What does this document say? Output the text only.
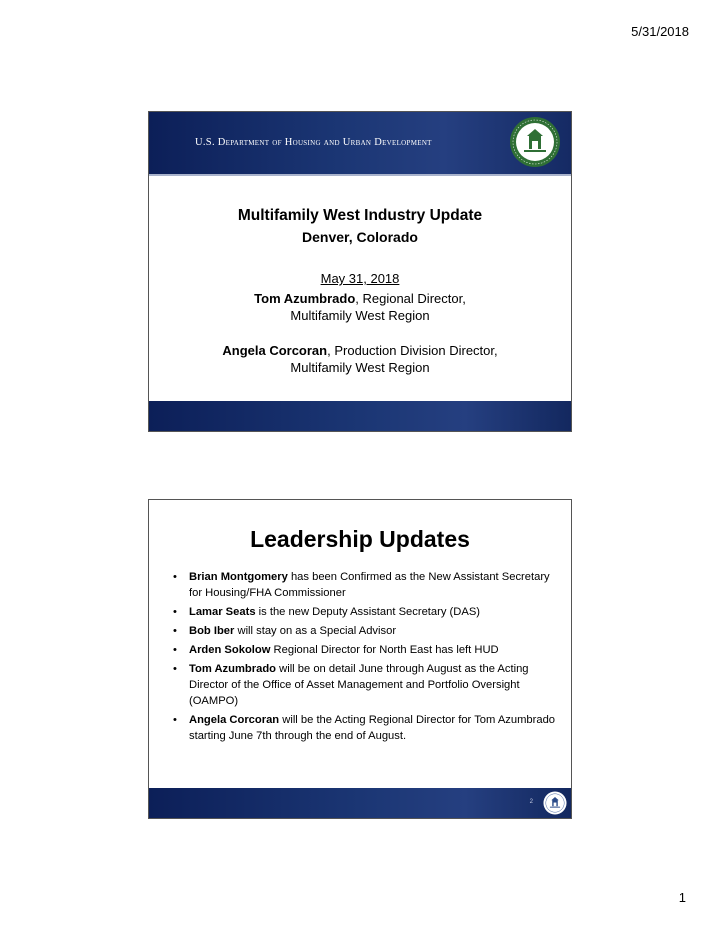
5/31/2018
U.S. Department of Housing and Urban Development
Multifamily West Industry Update
Denver, Colorado
May 31, 2018
Tom Azumbrado, Regional Director,
Multifamily West Region
Angela Corcoran, Production Division Director,
Multifamily West Region
Leadership Updates
• Brian Montgomery has been Confirmed as the New Assistant Secretary for Housing/FHA Commissioner
• Lamar Seats is the new Deputy Assistant Secretary (DAS)
• Bob Iber will stay on as a Special Advisor
• Arden Sokolow Regional Director for North East has left HUD
• Tom Azumbrado will be on detail June through August as the Acting Director of the Office of Asset Management and Portfolio Oversight (OAMPO)
• Angela Corcoran will be the Acting Regional Director for Tom Azumbrado starting June 7th through the end of August.
2
1
